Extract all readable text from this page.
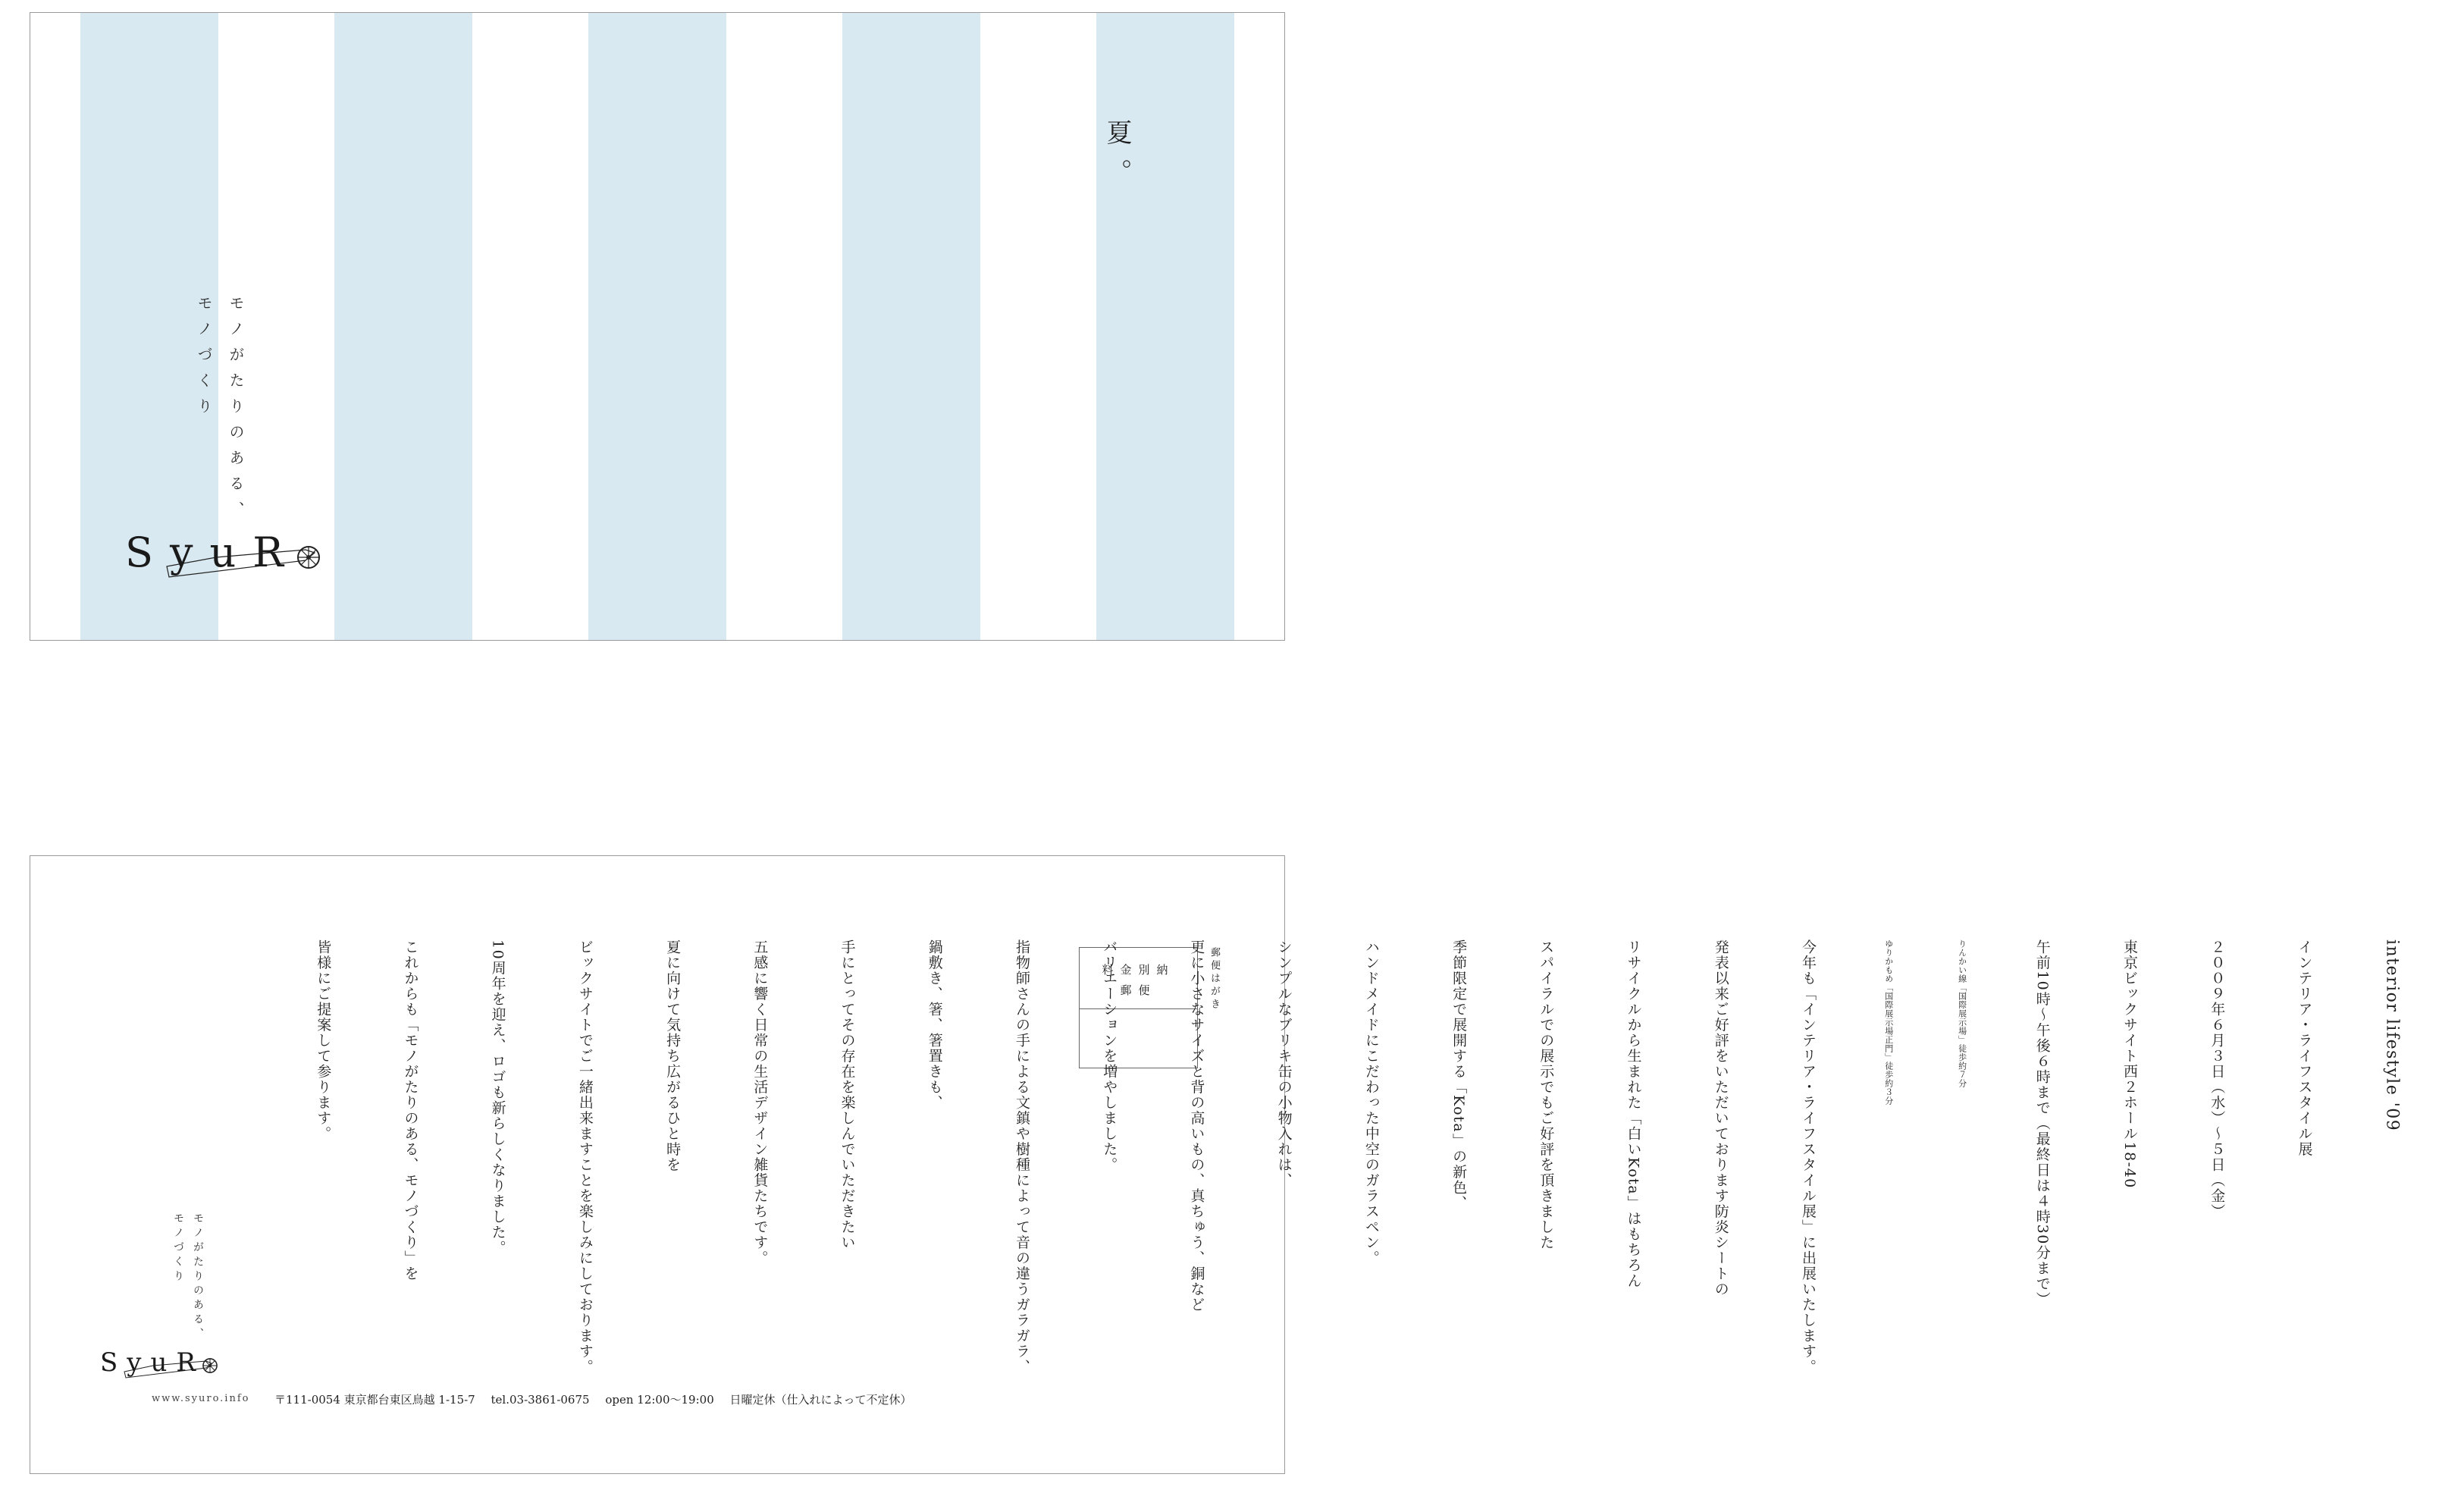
夏。
モノがたりのある、
モノづくり
SyuR
郵便はがき
料金別納
郵便

	interior lifestyle '09

インテリア・ライフスタイル展

２００９年６月３日（水）〜５日（金）

東京ビックサイト西２ホール18-40

午前10時〜午後６時まで（最終日は４時30分まで）

りんかい線「国際展示場」徒歩約７分

ゆりかもめ「国際展示場正門」徒歩約３分

今年も「インテリア・ライフスタイル展」に出展いたします。

発表以来ご好評をいただいております防炎シートの

リサイクルから生まれた「白いKota」はもちろん

スパイラルでの展示でもご好評を頂きました

季節限定で展開する「Kota」の新色、

ハンドメイドにこだわった中空のガラスペン。

シンプルなブリキ缶の小物入れは、

更に小さなサイズと背の高いもの、真ちゅう、銅など

バリエーションを増やしました。

指物師さんの手による文鎮や樹種によって音の違うガラガラ、

鍋敷き、箸、箸置きも、

手にとってその存在を楽しんでいただきたい

五感に響く日常の生活デザイン雑貨たちです。

夏に向けて気持ち広がるひと時を

ビックサイトでご一緒出来ますことを楽しみにしております。

10周年を迎え、ロゴも新らしくなりました。

これからも「モノがたりのある、モノづくり」を

皆様にご提案して参ります。

モノがたりのある、
モノづくり
SyuR
www.syuro.info 〒111-0054 東京都台東区鳥越 1-15-7 tel.03-3861-0675 open 12:00〜19:00 日曜定休（仕入れによって不定休）
